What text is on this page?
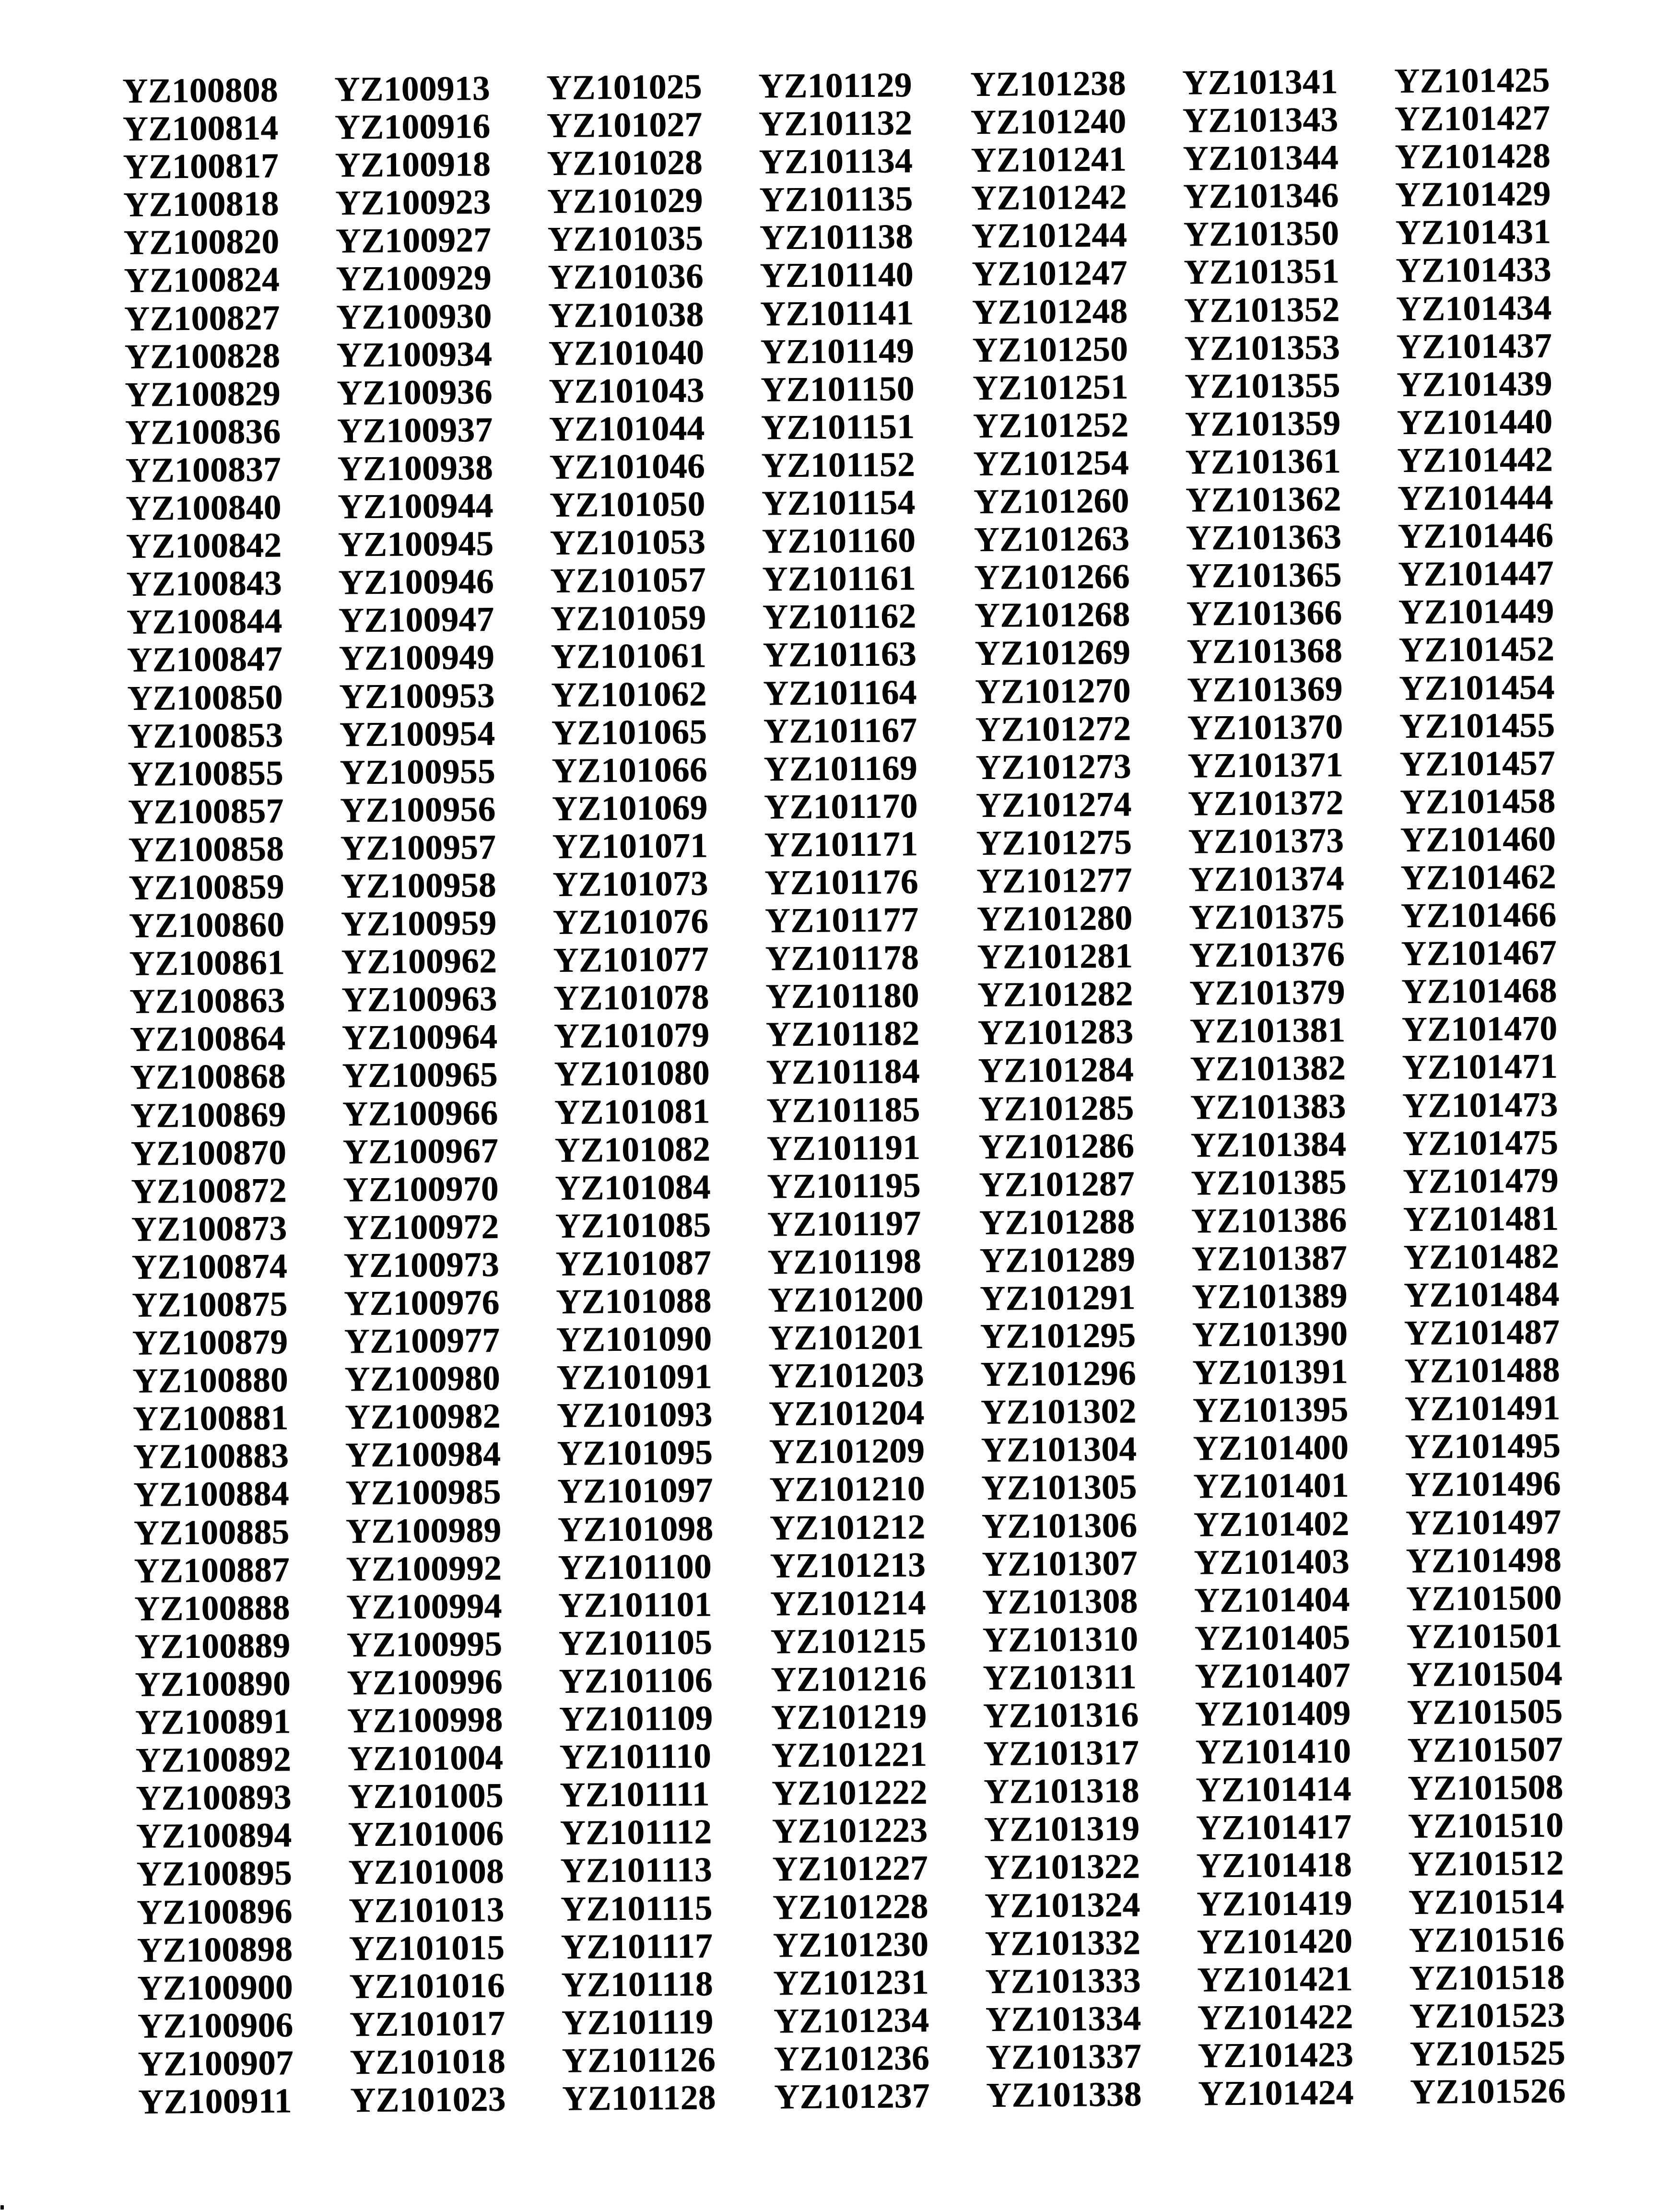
YZ100808
YZ100814
YZ100817
YZ100818
YZ100820
YZ100824
YZ100827
YZ100828
YZ100829
YZ100836
YZ100837
YZ100840
YZ100842
YZ100843
YZ100844
YZ100847
YZ100850
YZ100853
YZ100855
YZ100857
YZ100858
YZ100859
YZ100860
YZ100861
YZ100863
YZ100864
YZ100868
YZ100869
YZ100870
YZ100872
YZ100873
YZ100874
YZ100875
YZ100879
YZ100880
YZ100881
YZ100883
YZ100884
YZ100885
YZ100887
YZ100888
YZ100889
YZ100890
YZ100891
YZ100892
YZ100893
YZ100894
YZ100895
YZ100896
YZ100898
YZ100900
YZ100906
YZ100907
YZ100911
YZ100913
YZ100916
YZ100918
YZ100923
YZ100927
YZ100929
YZ100930
YZ100934
YZ100936
YZ100937
YZ100938
YZ100944
YZ100945
YZ100946
YZ100947
YZ100949
YZ100953
YZ100954
YZ100955
YZ100956
YZ100957
YZ100958
YZ100959
YZ100962
YZ100963
YZ100964
YZ100965
YZ100966
YZ100967
YZ100970
YZ100972
YZ100973
YZ100976
YZ100977
YZ100980
YZ100982
YZ100984
YZ100985
YZ100989
YZ100992
YZ100994
YZ100995
YZ100996
YZ100998
YZ101004
YZ101005
YZ101006
YZ101008
YZ101013
YZ101015
YZ101016
YZ101017
YZ101018
YZ101023
YZ101025
YZ101027
YZ101028
YZ101029
YZ101035
YZ101036
YZ101038
YZ101040
YZ101043
YZ101044
YZ101046
YZ101050
YZ101053
YZ101057
YZ101059
YZ101061
YZ101062
YZ101065
YZ101066
YZ101069
YZ101071
YZ101073
YZ101076
YZ101077
YZ101078
YZ101079
YZ101080
YZ101081
YZ101082
YZ101084
YZ101085
YZ101087
YZ101088
YZ101090
YZ101091
YZ101093
YZ101095
YZ101097
YZ101098
YZ101100
YZ101101
YZ101105
YZ101106
YZ101109
YZ101110
YZ101111
YZ101112
YZ101113
YZ101115
YZ101117
YZ101118
YZ101119
YZ101126
YZ101128
YZ101129
YZ101132
YZ101134
YZ101135
YZ101138
YZ101140
YZ101141
YZ101149
YZ101150
YZ101151
YZ101152
YZ101154
YZ101160
YZ101161
YZ101162
YZ101163
YZ101164
YZ101167
YZ101169
YZ101170
YZ101171
YZ101176
YZ101177
YZ101178
YZ101180
YZ101182
YZ101184
YZ101185
YZ101191
YZ101195
YZ101197
YZ101198
YZ101200
YZ101201
YZ101203
YZ101204
YZ101209
YZ101210
YZ101212
YZ101213
YZ101214
YZ101215
YZ101216
YZ101219
YZ101221
YZ101222
YZ101223
YZ101227
YZ101228
YZ101230
YZ101231
YZ101234
YZ101236
YZ101237
YZ101238
YZ101240
YZ101241
YZ101242
YZ101244
YZ101247
YZ101248
YZ101250
YZ101251
YZ101252
YZ101254
YZ101260
YZ101263
YZ101266
YZ101268
YZ101269
YZ101270
YZ101272
YZ101273
YZ101274
YZ101275
YZ101277
YZ101280
YZ101281
YZ101282
YZ101283
YZ101284
YZ101285
YZ101286
YZ101287
YZ101288
YZ101289
YZ101291
YZ101295
YZ101296
YZ101302
YZ101304
YZ101305
YZ101306
YZ101307
YZ101308
YZ101310
YZ101311
YZ101316
YZ101317
YZ101318
YZ101319
YZ101322
YZ101324
YZ101332
YZ101333
YZ101334
YZ101337
YZ101338
YZ101341
YZ101343
YZ101344
YZ101346
YZ101350
YZ101351
YZ101352
YZ101353
YZ101355
YZ101359
YZ101361
YZ101362
YZ101363
YZ101365
YZ101366
YZ101368
YZ101369
YZ101370
YZ101371
YZ101372
YZ101373
YZ101374
YZ101375
YZ101376
YZ101379
YZ101381
YZ101382
YZ101383
YZ101384
YZ101385
YZ101386
YZ101387
YZ101389
YZ101390
YZ101391
YZ101395
YZ101400
YZ101401
YZ101402
YZ101403
YZ101404
YZ101405
YZ101407
YZ101409
YZ101410
YZ101414
YZ101417
YZ101418
YZ101419
YZ101420
YZ101421
YZ101422
YZ101423
YZ101424
YZ101425
YZ101427
YZ101428
YZ101429
YZ101431
YZ101433
YZ101434
YZ101437
YZ101439
YZ101440
YZ101442
YZ101444
YZ101446
YZ101447
YZ101449
YZ101452
YZ101454
YZ101455
YZ101457
YZ101458
YZ101460
YZ101462
YZ101466
YZ101467
YZ101468
YZ101470
YZ101471
YZ101473
YZ101475
YZ101479
YZ101481
YZ101482
YZ101484
YZ101487
YZ101488
YZ101491
YZ101495
YZ101496
YZ101497
YZ101498
YZ101500
YZ101501
YZ101504
YZ101505
YZ101507
YZ101508
YZ101510
YZ101512
YZ101514
YZ101516
YZ101518
YZ101523
YZ101525
YZ101526
